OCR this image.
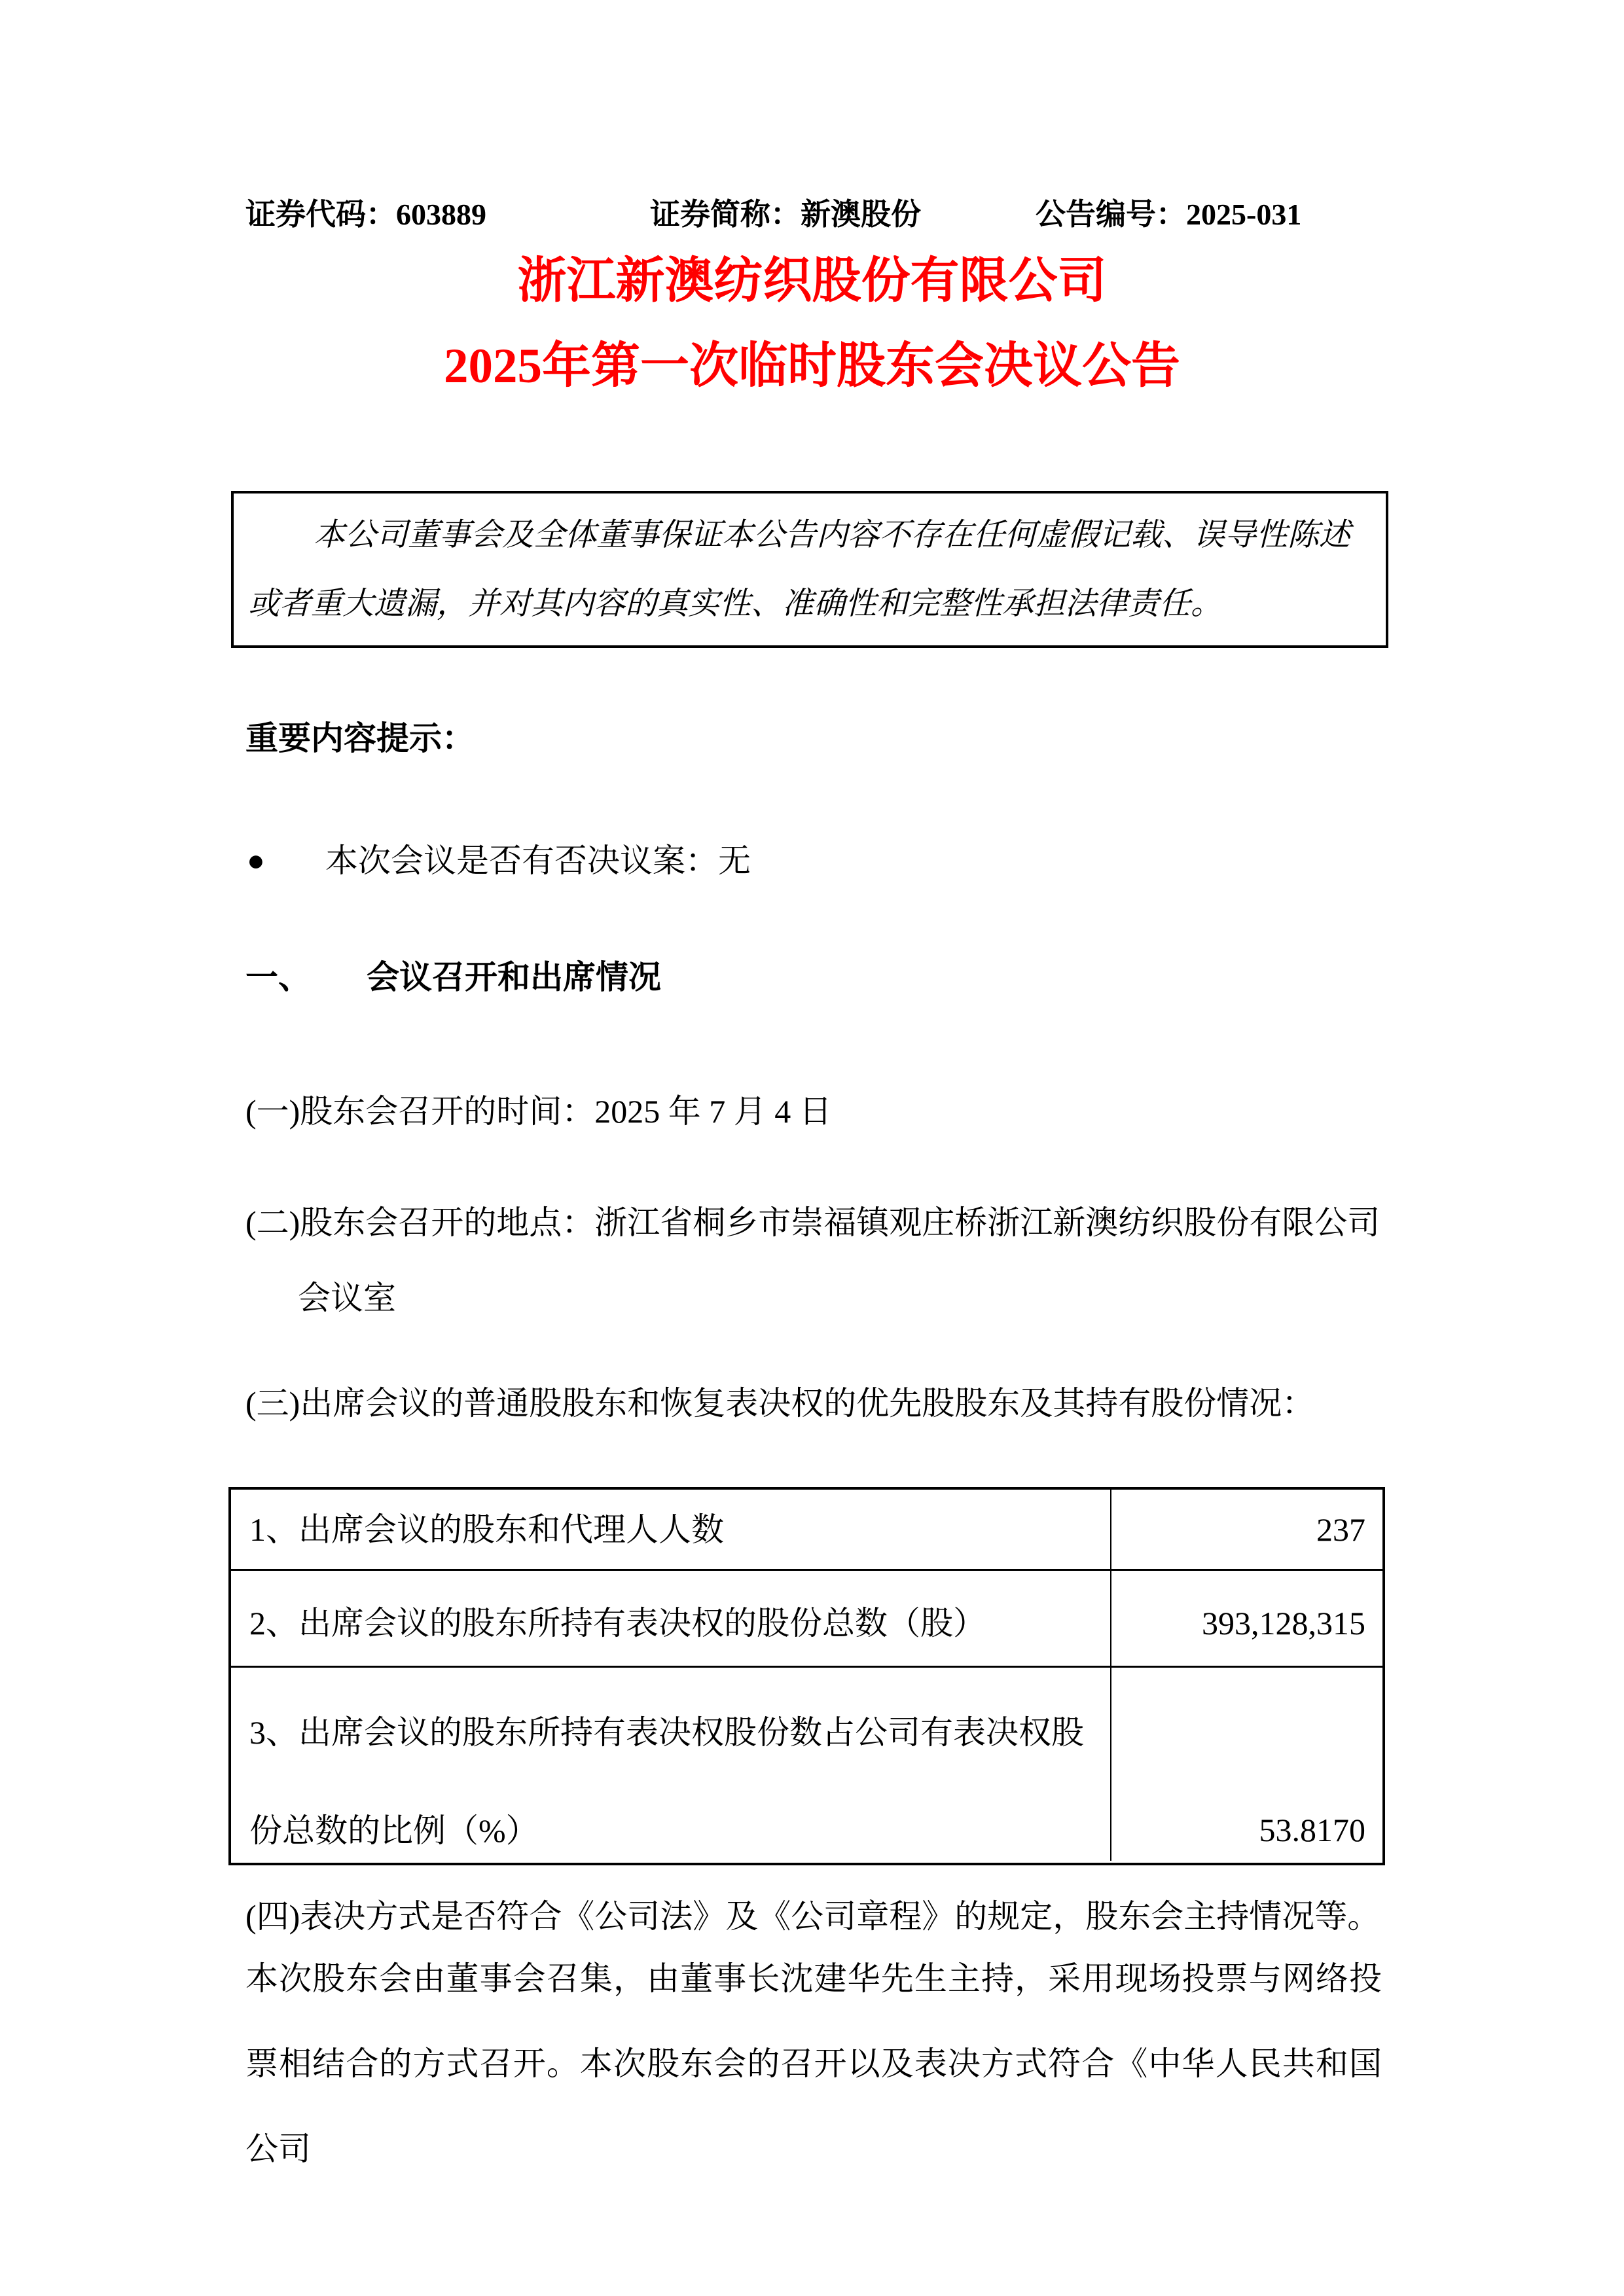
证券代码：603889	证券简称：新澳股份	公告编号：2025-031
浙江新澳纺织股份有限公司
2025年第一次临时股东会决议公告
本公司董事会及全体董事保证本公告内容不存在任何虚假记载、误导性陈述
或者重大遗漏，并对其内容的真实性、准确性和完整性承担法律责任。
重要内容提示：
● 本次会议是否有否决议案：无
一、 会议召开和出席情况
(一)股东会召开的时间：2025 年 7 月 4 日
(二)股东会召开的地点：浙江省桐乡市崇福镇观庄桥浙江新澳纺织股份有限公司
会议室
(三)出席会议的普通股股东和恢复表决权的优先股股东及其持有股份情况：
1、出席会议的股东和代理人人数	237
2、出席会议的股东所持有表决权的股份总数（股）	393,128,315
3、出席会议的股东所持有表决权股份数占公司有表决权股
份总数的比例（%）	53.8170
(四)表决方式是否符合《公司法》及《公司章程》的规定，股东会主持情况等。
本次股东会由董事会召集，由董事长沈建华先生主持，采用现场投票与网络投票相结合的方式召开。本次股东会的召开以及表决方式符合《中华人民共和国公司
